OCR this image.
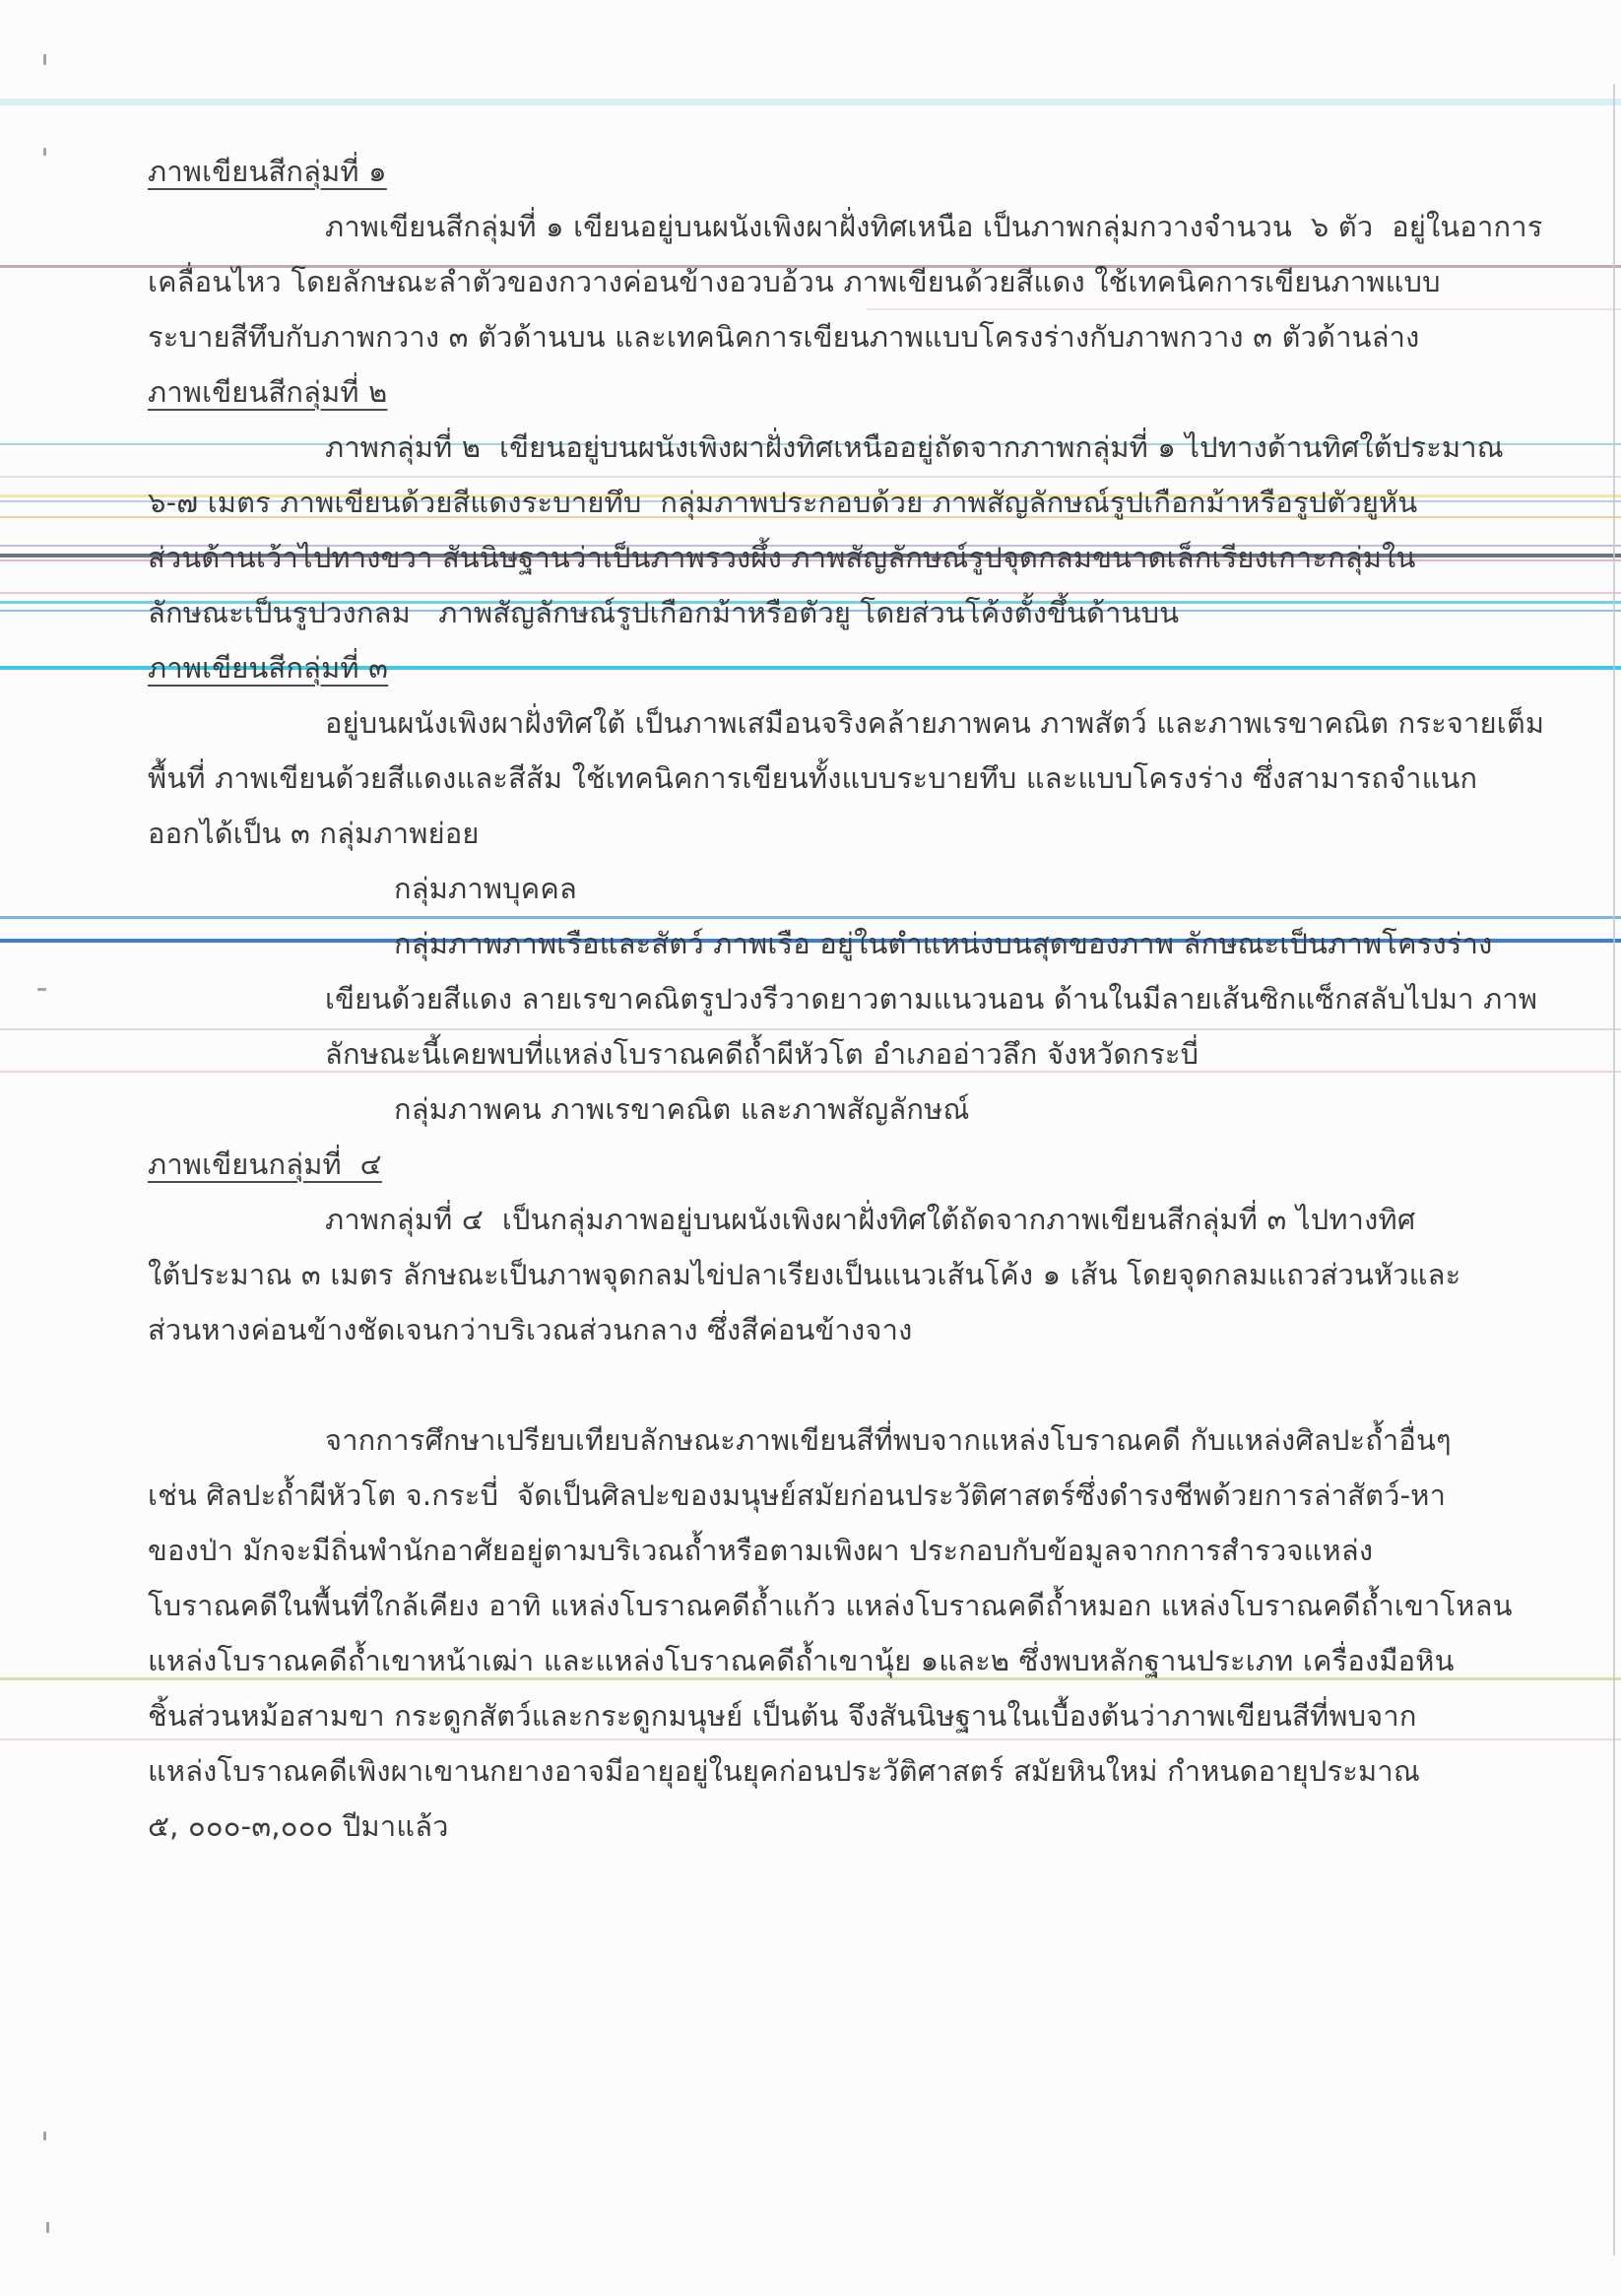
ภาพเขียนสีกลุ่มที่ ๑
ภาพเขียนสีกลุ่มที่ ๑ เขียนอยู่บนผนังเพิงผาฝั่งทิศเหนือ เป็นภาพกลุ่มกวางจำนวน  ๖ ตัว  อยู่ในอาการ
เคลื่อนไหว โดยลักษณะลำตัวของกวางค่อนข้างอวบอ้วน ภาพเขียนด้วยสีแดง ใช้เทคนิคการเขียนภาพแบบ
ระบายสีทึบกับภาพกวาง ๓ ตัวด้านบน และเทคนิคการเขียนภาพแบบโครงร่างกับภาพกวาง ๓ ตัวด้านล่าง
ภาพเขียนสีกลุ่มที่ ๒
ภาพกลุ่มที่ ๒  เขียนอยู่บนผนังเพิงผาฝั่งทิศเหนืออยู่ถัดจากภาพกลุ่มที่ ๑ ไปทางด้านทิศใต้ประมาณ
๖-๗ เมตร ภาพเขียนด้วยสีแดงระบายทึบ  กลุ่มภาพประกอบด้วย ภาพสัญลักษณ์รูปเกือกม้าหรือรูปตัวยูหัน
ส่วนด้านเว้าไปทางขวา สันนิษฐานว่าเป็นภาพรวงผึ้ง ภาพสัญลักษณ์รูปจุดกลมขนาดเล็กเรียงเกาะกลุ่มใน
ลักษณะเป็นรูปวงกลม   ภาพสัญลักษณ์รูปเกือกม้าหรือตัวยู โดยส่วนโค้งตั้งขึ้นด้านบน
ภาพเขียนสีกลุ่มที่ ๓
อยู่บนผนังเพิงผาฝั่งทิศใต้ เป็นภาพเสมือนจริงคล้ายภาพคน ภาพสัตว์ และภาพเรขาคณิต กระจายเต็ม
พื้นที่ ภาพเขียนด้วยสีแดงและสีส้ม ใช้เทคนิคการเขียนทั้งแบบระบายทึบ และแบบโครงร่าง ซึ่งสามารถจำแนก
ออกได้เป็น ๓ กลุ่มภาพย่อย
กลุ่มภาพบุคคล
กลุ่มภาพภาพเรือและสัตว์ ภาพเรือ อยู่ในตำแหน่งบนสุดของภาพ ลักษณะเป็นภาพโครงร่าง
เขียนด้วยสีแดง ลายเรขาคณิตรูปวงรีวาดยาวตามแนวนอน ด้านในมีลายเส้นซิกแซ็กสลับไปมา ภาพ
ลักษณะนี้เคยพบที่แหล่งโบราณคดีถ้ำผีหัวโต อำเภออ่าวลึก จังหวัดกระบี่
กลุ่มภาพคน ภาพเรขาคณิต และภาพสัญลักษณ์
ภาพเขียนกลุ่มที่  ๔
ภาพกลุ่มที่ ๔  เป็นกลุ่มภาพอยู่บนผนังเพิงผาฝั่งทิศใต้ถัดจากภาพเขียนสีกลุ่มที่ ๓ ไปทางทิศ
ใต้ประมาณ ๓ เมตร ลักษณะเป็นภาพจุดกลมไข่ปลาเรียงเป็นแนวเส้นโค้ง ๑ เส้น โดยจุดกลมแถวส่วนหัวและ
ส่วนหางค่อนข้างชัดเจนกว่าบริเวณส่วนกลาง ซึ่งสีค่อนข้างจาง
จากการศึกษาเปรียบเทียบลักษณะภาพเขียนสีที่พบจากแหล่งโบราณคดี กับแหล่งศิลปะถ้ำอื่นๆ
เช่น ศิลปะถ้ำผีหัวโต จ.กระบี่  จัดเป็นศิลปะของมนุษย์สมัยก่อนประวัติศาสตร์ซึ่งดำรงชีพด้วยการล่าสัตว์-หา
ของป่า มักจะมีถิ่นพำนักอาศัยอยู่ตามบริเวณถ้ำหรือตามเพิงผา ประกอบกับข้อมูลจากการสำรวจแหล่ง
โบราณคดีในพื้นที่ใกล้เคียง อาทิ แหล่งโบราณคดีถ้ำแก้ว แหล่งโบราณคดีถ้ำหมอก แหล่งโบราณคดีถ้ำเขาโหลน
แหล่งโบราณคดีถ้ำเขาหน้าเฒ่า และแหล่งโบราณคดีถ้ำเขานุ้ย ๑และ๒ ซึ่งพบหลักฐานประเภท เครื่องมือหิน
ชิ้นส่วนหม้อสามขา กระดูกสัตว์และกระดูกมนุษย์ เป็นต้น จึงสันนิษฐานในเบื้องต้นว่าภาพเขียนสีที่พบจาก
แหล่งโบราณคดีเพิงผาเขานกยางอาจมีอายุอยู่ในยุคก่อนประวัติศาสตร์ สมัยหินใหม่ กำหนดอายุประมาณ
๕, ๐๐๐-๓,๐๐๐ ปีมาแล้ว
